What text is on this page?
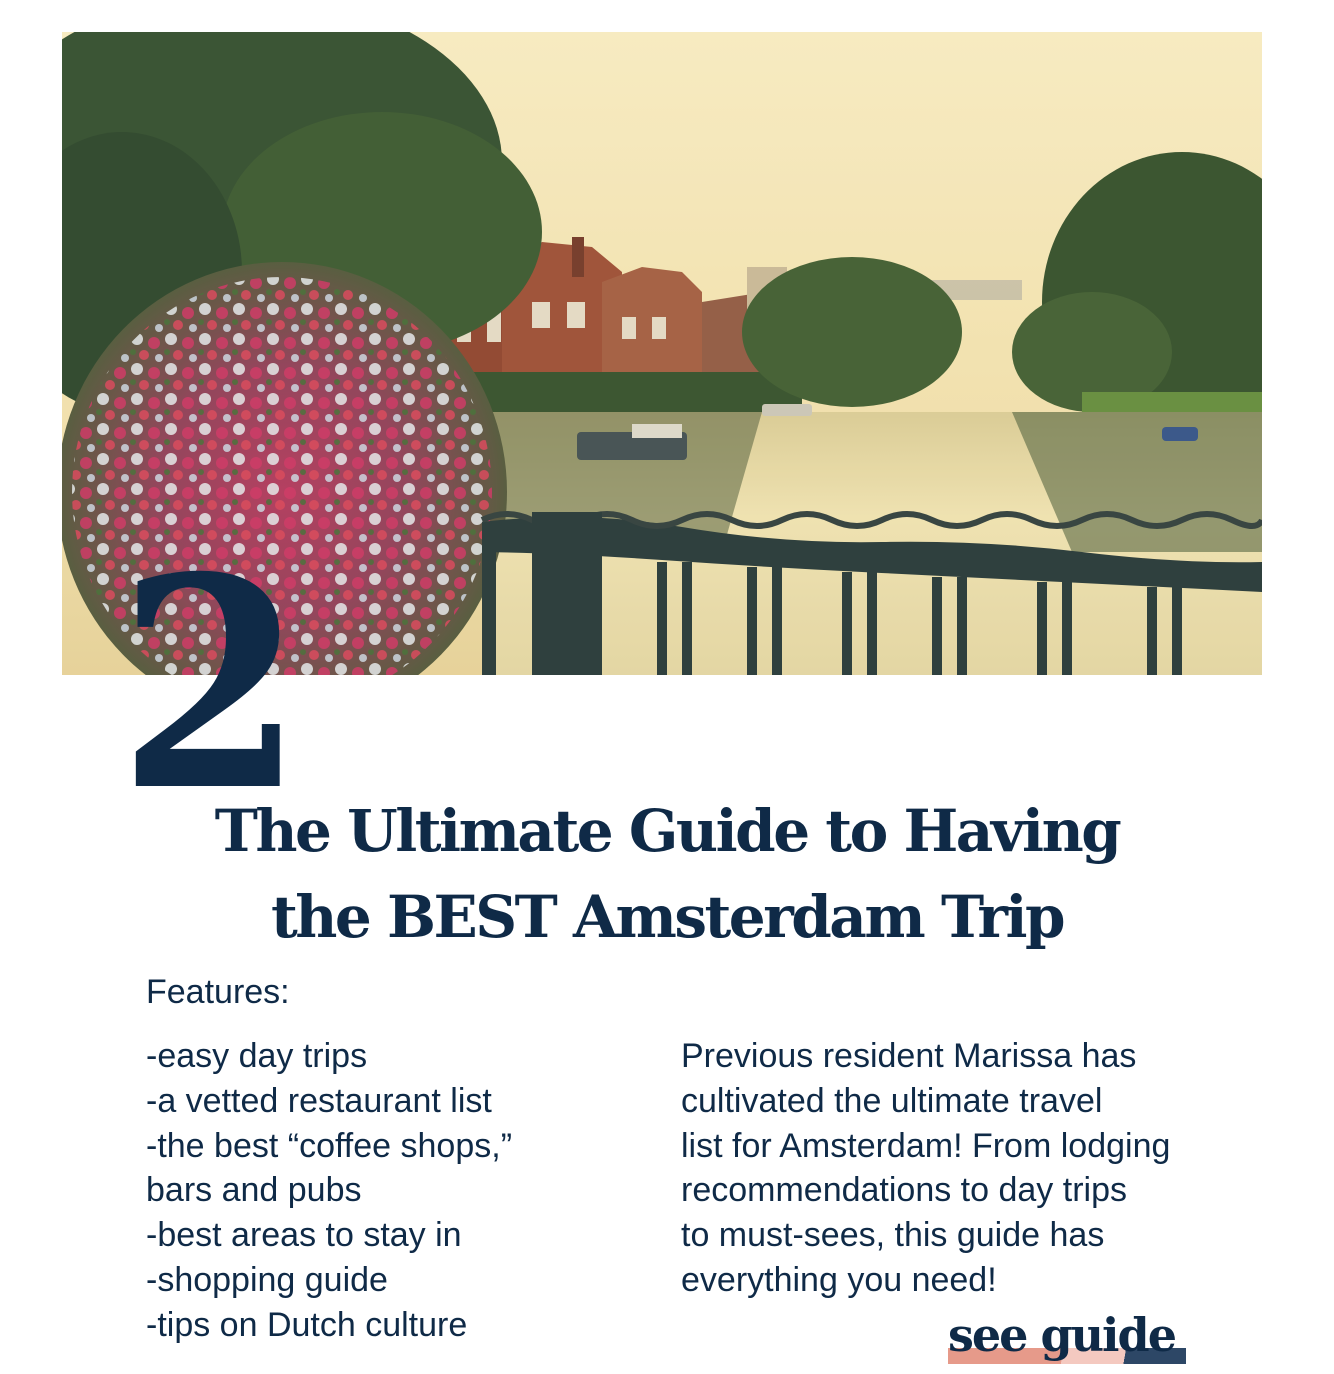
2
The Ultimate Guide to Having
the BEST Amsterdam Trip
Features:
-easy day trips
-a vetted restaurant list
-the best “coffee shops,”
bars and pubs
-best areas to stay in
-shopping guide
-tips on Dutch culture

Previous resident Marissa has
cultivated the ultimate travel
list for Amsterdam! From lodging
recommendations to day trips
to must-sees, this guide has
everything you need!

see guide
